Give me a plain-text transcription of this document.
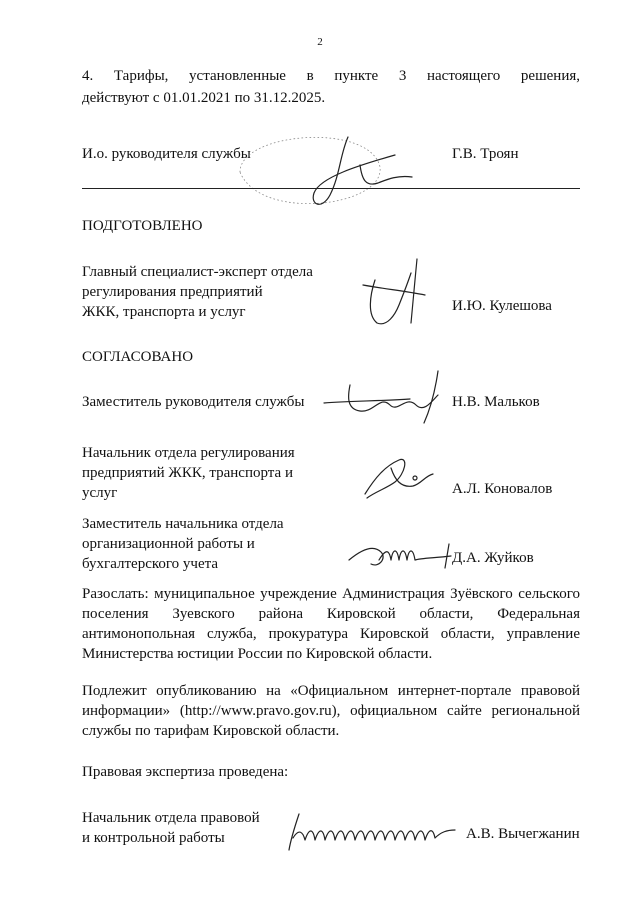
2
4. Тарифы, установленные в пункте 3 настоящего решения,
действуют с 01.01.2021 по 31.12.2025.
И.о. руководителя службы	Г.В. Троян
ПОДГОТОВЛЕНО
Главный специалист-эксперт отдела
регулирования предприятий
ЖКК, транспорта и услуг	И.Ю. Кулешова
СОГЛАСОВАНО
Заместитель руководителя службы	Н.В. Мальков
Начальник отдела регулирования
предприятий ЖКК, транспорта и
услуг	А.Л. Коновалов
Заместитель начальника отдела
организационной работы и
бухгалтерского учета	Д.А. Жуйков
Разослать: муниципальное учреждение Администрация Зуёвского сельского
поселения Зуевского района Кировской области, Федеральная
антимонопольная служба, прокуратура Кировской области, управление
Министерства юстиции России по Кировской области.
Подлежит опубликованию на «Официальном интернет-портале правовой
информации» (http://www.pravo.gov.ru), официальном сайте региональной
службы по тарифам Кировской области.
Правовая экспертиза проведена:
Начальник отдела правовой
и контрольной работы	А.В. Вычегжанин
